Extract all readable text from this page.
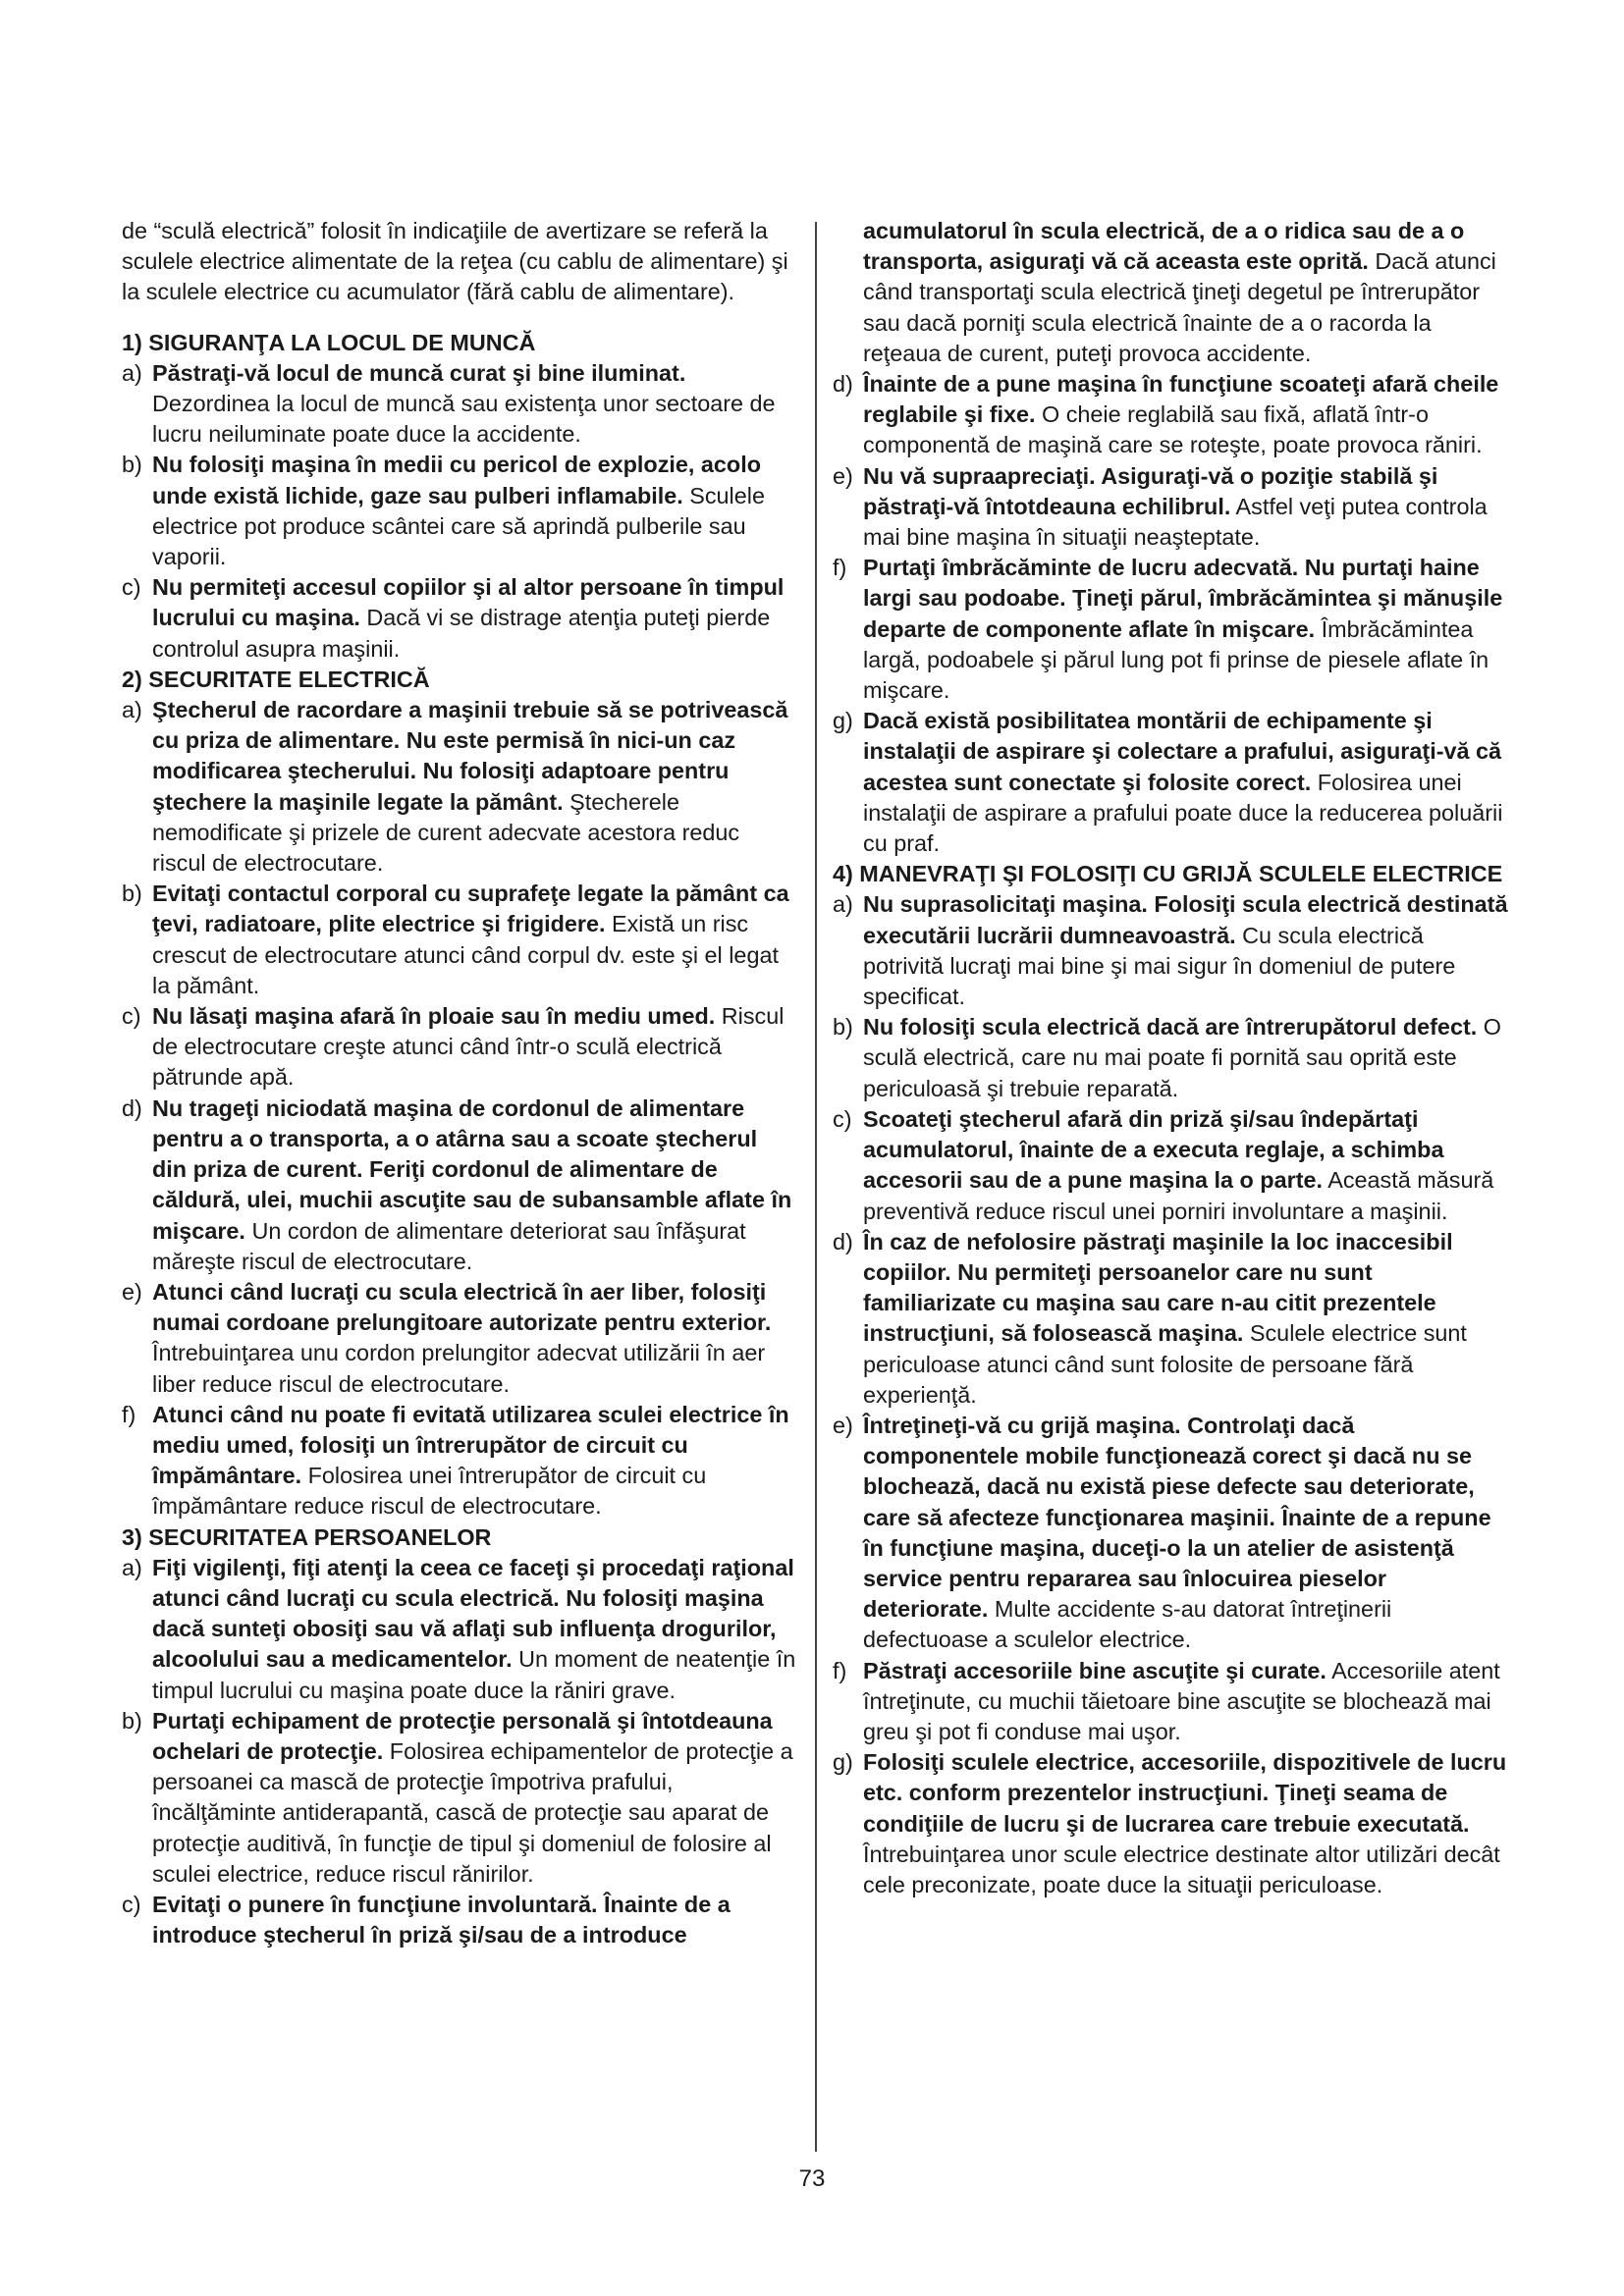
de “sculă electrică” folosit în indicaţiile de avertizare se referă la sculele electrice alimentate de la reţea (cu cablu de alimentare) şi la sculele electrice cu acumulator (fără cablu de alimentare).

1) SIGURANŢA LA LOCUL DE MUNCĂ

a) Păstraţi-vă locul de muncă curat şi bine iluminat. Dezordinea la locul de muncă sau existenţa unor sectoare de lucru neiluminate poate duce la accidente.
b) Nu folosiţi maşina în medii cu pericol de explozie, acolo unde există lichide, gaze sau pulberi inflamabile. Sculele electrice pot produce scântei care să aprindă pulberile sau vaporii.
c) Nu permiteţi accesul copiilor şi al altor persoane în timpul lucrului cu maşina. Dacă vi se distrage atenţia puteţi pierde controlul asupra maşinii.

2) SECURITATE ELECTRICĂ

a) Ştecherul de racordare a maşinii trebuie să se potrivească cu priza de alimentare. Nu este permisă în nici-un caz modificarea ştecherului. Nu folosiţi adaptoare pentru ştechere la maşinile legate la pământ. Ştecherele nemodificate şi prizele de curent adecvate acestora reduc riscul de electrocutare.
b) Evitaţi contactul corporal cu suprafeţe legate la pământ ca ţevi, radiatoare, plite electrice şi frigidere. Există un risc crescut de electrocutare atunci când corpul dv. este şi el legat la pământ.
c) Nu lăsaţi maşina afară în ploaie sau în mediu umed. Riscul de electrocutare creşte atunci când într-o sculă electrică pătrunde apă.
d) Nu trageţi niciodată maşina de cordonul de alimentare pentru a o transporta, a o atârna sau a scoate ştecherul din priza de curent. Feriţi cordonul de alimentare de căldură, ulei, muchii ascuţite sau de subansamble aflate în mişcare. Un cordon de alimentare deteriorat sau înfăşurat măreşte riscul de electrocutare.
e) Atunci când lucraţi cu scula electrică în aer liber, folosiţi numai cordoane prelungitoare autorizate pentru exterior. Întrebuinţarea unu cordon prelungitor adecvat utilizării în aer liber reduce riscul de electrocutare.
f) Atunci când nu poate fi evitată utilizarea sculei electrice în mediu umed, folosiţi un întrerupător de circuit cu împământare. Folosirea unei întrerupător de circuit cu împământare reduce riscul de electrocutare.

3) SECURITATEA PERSOANELOR

a) Fiţi vigilenţi, fiţi atenţi la ceea ce faceţi şi procedaţi raţional atunci când lucraţi cu scula electrică. Nu folosiţi maşina dacă sunteţi obosiţi sau vă aflaţi sub influenţa drogurilor, alcoolului sau a medicamentelor. Un moment de neatenţie în timpul lucrului cu maşina poate duce la răniri grave.
b) Purtaţi echipament de protecţie personală şi întotdeauna ochelari de protecţie. Folosirea echipamentelor de protecţie a persoanei ca mască de protecţie împotriva prafului, încălţăminte antiderapantă, cască de protecţie sau aparat de protecţie auditivă, în funcţie de tipul şi domeniul de folosire al sculei electrice, reduce riscul rănirilor.
c) Evitaţi o punere în funcţiune involuntară. Înainte de a introduce ştecherul în priză şi/sau de a introduce
acumulatorul în scula electrică, de a o ridica sau de a o transporta, asiguraţi vă că aceasta este oprită. Dacă atunci când transportaţi scula electrică ţineţi degetul pe întrerupător sau dacă porniţi scula electrică înainte de a o racorda la reţeaua de curent, puteţi provoca accidente.
d) Înainte de a pune maşina în funcţiune scoateţi afară cheile reglabile şi fixe. O cheie reglabilă sau fixă, aflată într-o componentă de maşină care se roteşte, poate provoca răniri.
e) Nu vă supraapreciaţi. Asiguraţi-vă o poziţie stabilă şi păstraţi-vă întotdeauna echilibrul. Astfel veţi putea controla mai bine maşina în situaţii neaşteptate.
f) Purtaţi îmbrăcăminte de lucru adecvată. Nu purtaţi haine largi sau podoabe. Ţineţi părul, îmbrăcămintea şi mănuşile departe de componente aflate în mişcare. Îmbrăcămintea largă, podoabele şi părul lung pot fi prinse de piesele aflate în mişcare.
g) Dacă există posibilitatea montării de echipamente şi instalaţii de aspirare şi colectare a prafului, asiguraţi-vă că acestea sunt conectate şi folosite corect. Folosirea unei instalaţii de aspirare a prafului poate duce la reducerea poluării cu praf.

4) MANEVRAŢI ŞI FOLOSIŢI CU GRIJĂ SCULELE ELECTRICE

a) Nu suprasolicitaţi maşina. Folosiţi scula electrică destinată executării lucrării dumneavoastră. Cu scula electrică potrivită lucraţi mai bine şi mai sigur în domeniul de putere specificat.
b) Nu folosiţi scula electrică dacă are întrerupătorul defect. O sculă electrică, care nu mai poate fi pornită sau oprită este periculoasă şi trebuie reparată.
c) Scoateţi ştecherul afară din priză şi/sau îndepărtaţi acumulatorul, înainte de a executa reglaje, a schimba accesorii sau de a pune maşina la o parte. Această măsură preventivă reduce riscul unei porniri involuntare a maşinii.
d) În caz de nefolosire păstraţi maşinile la loc inaccesibil copiilor. Nu permiteţi persoanelor care nu sunt familiarizate cu maşina sau care n-au citit prezentele instrucţiuni, să folosească maşina. Sculele electrice sunt periculoase atunci când sunt folosite de persoane fără experienţă.
e) Întreţineţi-vă cu grijă maşina. Controlaţi dacă componentele mobile funcţionează corect şi dacă nu se blochează, dacă nu există piese defecte sau deteriorate, care să afecteze funcţionarea maşinii. Înainte de a repune în funcţiune maşina, duceţi-o la un atelier de asistenţă service pentru repararea sau înlocuirea pieselor deteriorate. Multe accidente s-au datorat întreţinerii defectuoase a sculelor electrice.
f) Păstraţi accesoriile bine ascuţite şi curate. Accesoriile atent întreţinute, cu muchii tăietoare bine ascuţite se blochează mai greu şi pot fi conduse mai uşor.
g) Folosiţi sculele electrice, accesoriile, dispozitivele de lucru etc. conform prezentelor instrucţiuni. Ţineţi seama de condiţiile de lucru şi de lucrarea care trebuie executată. Întrebuinţarea unor scule electrice destinate altor utilizări decât cele preconizate, poate duce la situaţii periculoase.
73
